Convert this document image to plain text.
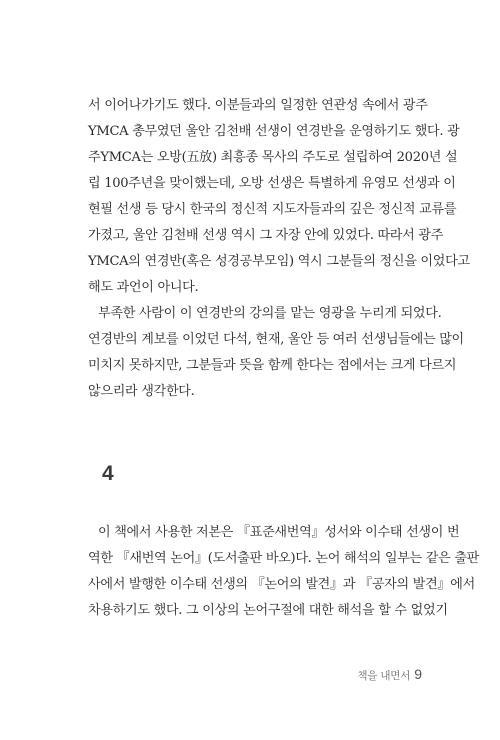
서 이어나가기도 했다. 이분들과의 일정한 연관성 속에서 광주
YMCA 총무였던 울안 김천배 선생이 연경반을 운영하기도 했다. 광
주YMCA는 오방(五放) 최흥종 목사의 주도로 설립하여 2020년 설
립 100주년을 맞이했는데, 오방 선생은 특별하게 유영모 선생과 이
현필 선생 등 당시 한국의 정신적 지도자들과의 깊은 정신적 교류를
가졌고, 울안 김천배 선생 역시 그 자장 안에 있었다. 따라서 광주
YMCA의 연경반(혹은 성경공부모임) 역시 그분들의 정신을 이었다고
해도 과언이 아니다.
부족한 사람이 이 연경반의 강의를 맡는 영광을 누리게 되었다.
연경반의 계보를 이었던 다석, 현재, 울안 등 여러 선생님들에는 많이
미치지 못하지만, 그분들과 뜻을 함께 한다는 점에서는 크게 다르지
않으리라 생각한다.
4
이 책에서 사용한 저본은 『표준새번역』성서와 이수태 선생이 번
역한 『새번역 논어』(도서출판 바오)다. 논어 해석의 일부는 같은 출판
사에서 발행한 이수태 선생의 『논어의 발견』과 『공자의 발견』에서
차용하기도 했다. 그 이상의 논어구절에 대한 해석을 할 수 없었기
책을 내면서 9
